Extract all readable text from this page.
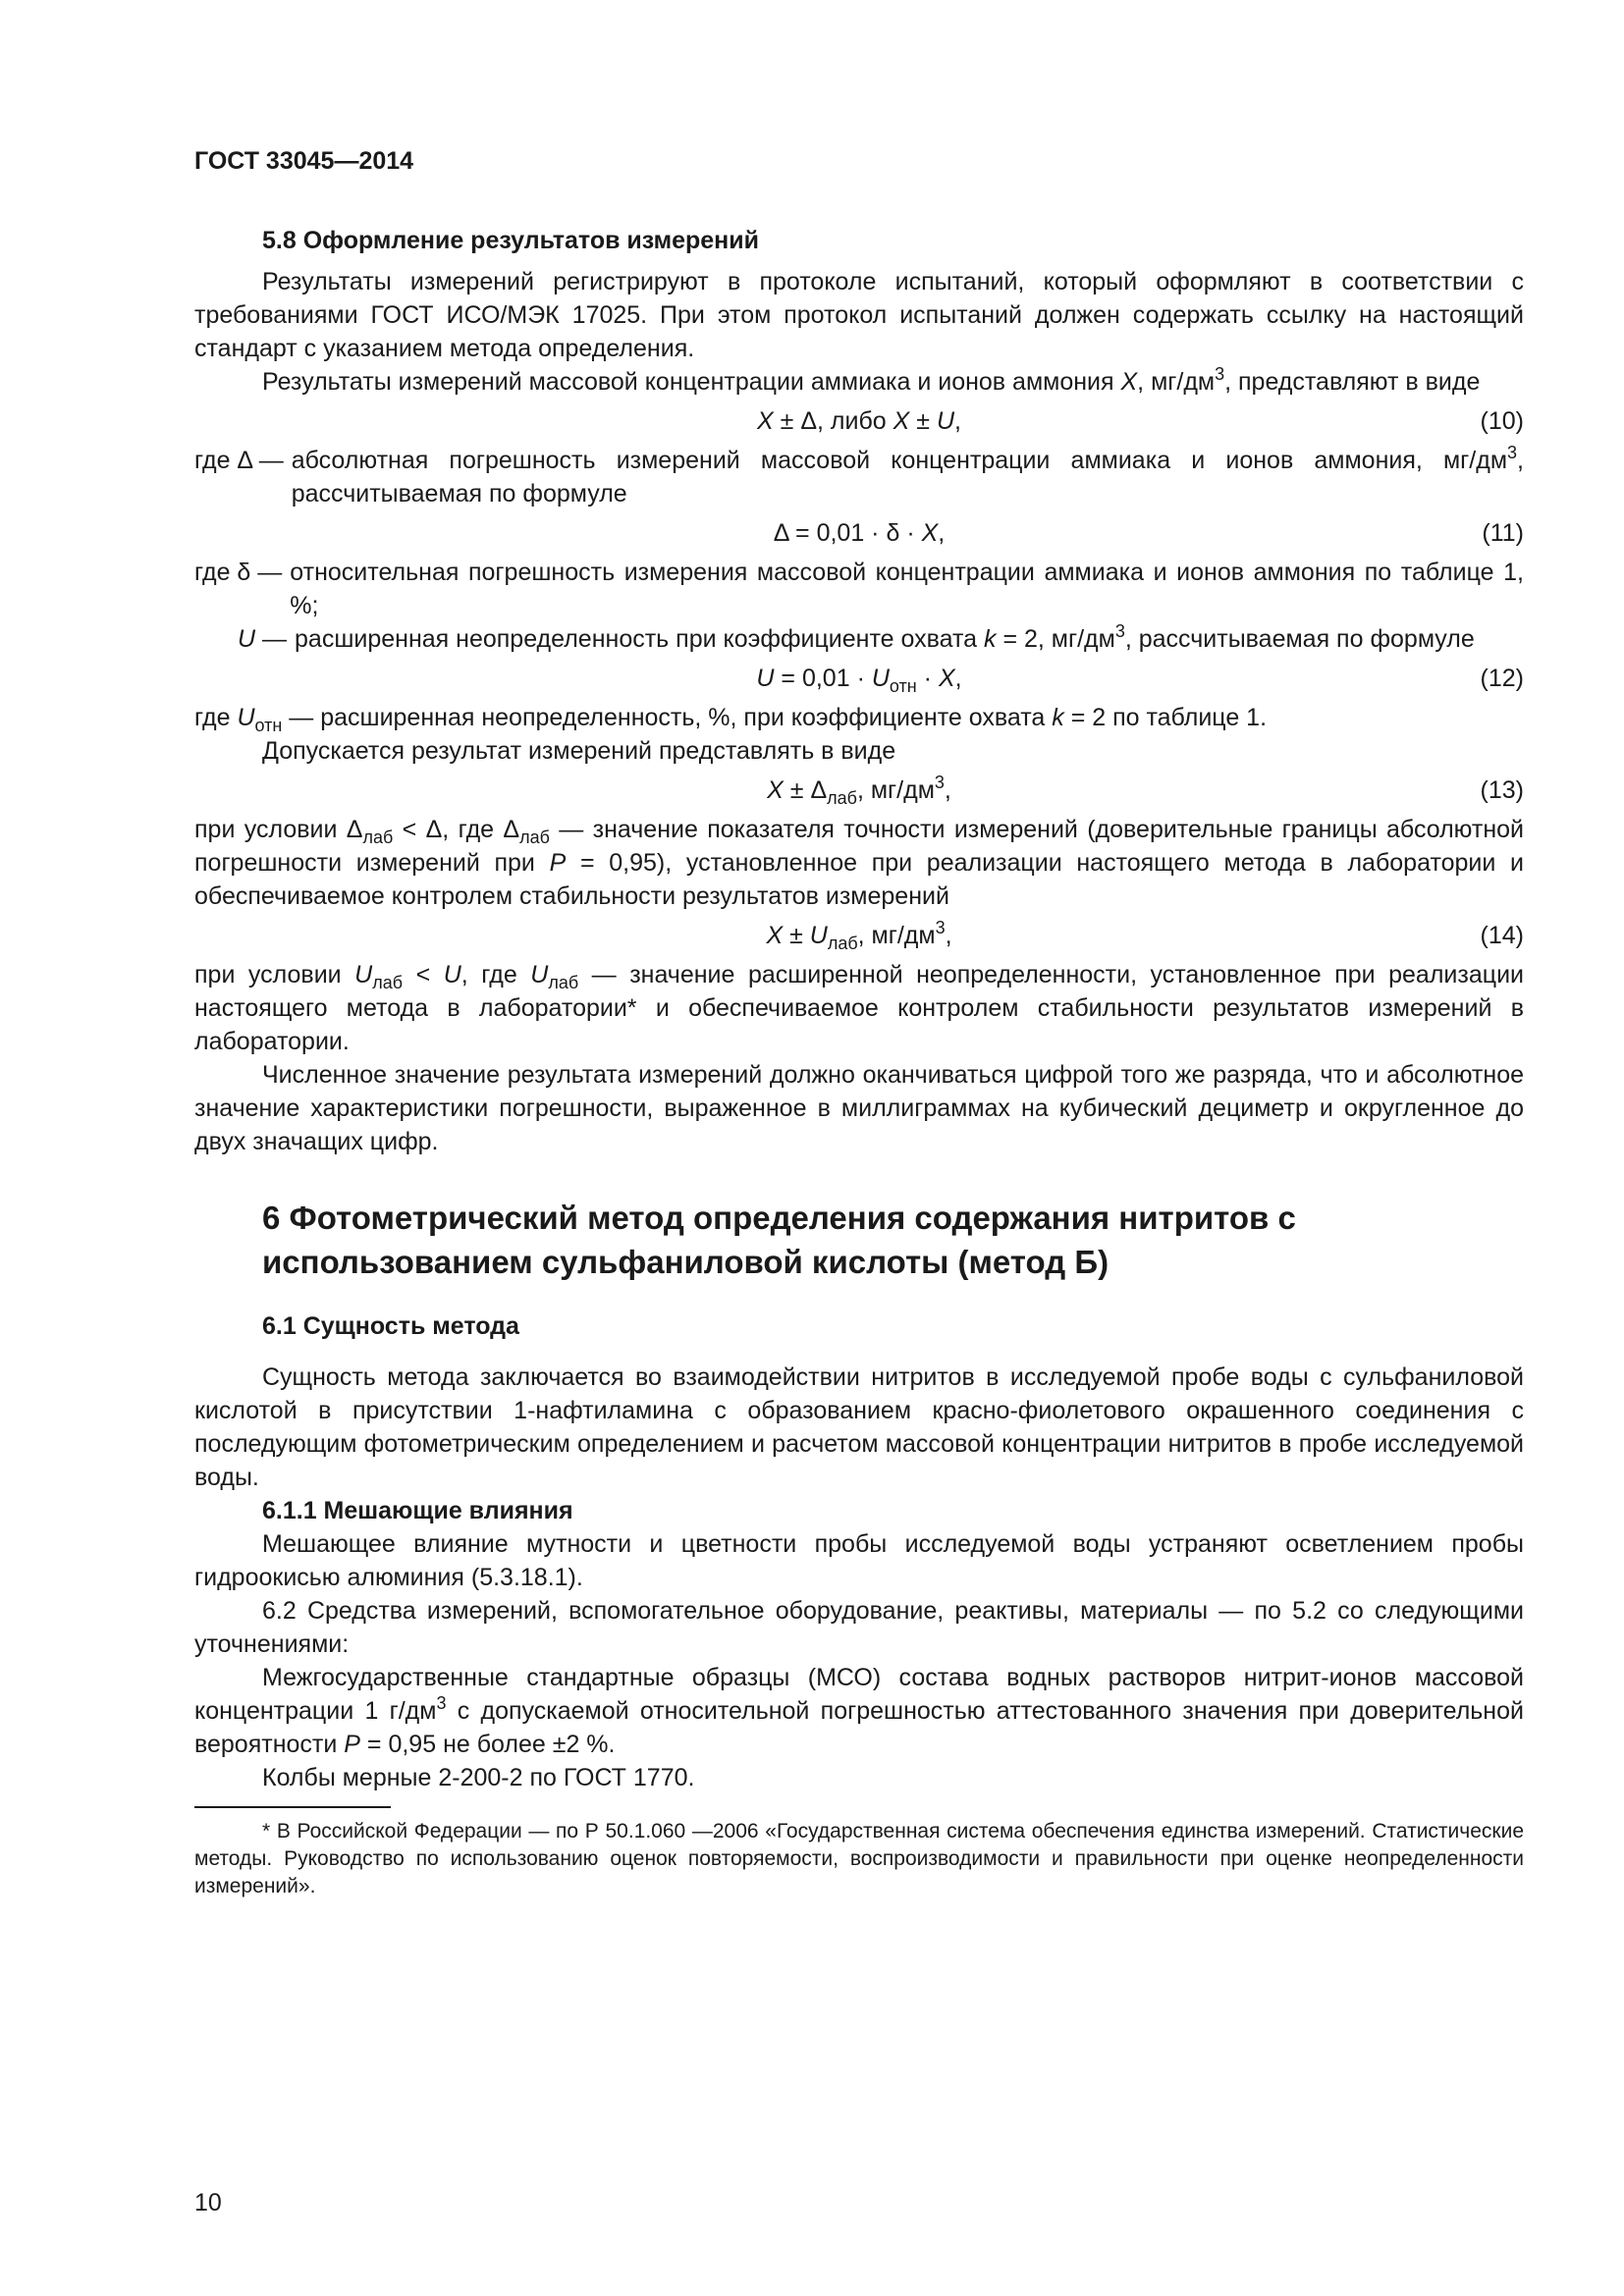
ГОСТ 33045—2014
5.8 Оформление результатов измерений

Результаты измерений регистрируют в протоколе испытаний, который оформляют в соответствии с требованиями ГОСТ ИСО/МЭК 17025. При этом протокол испытаний должен содержать ссылку на настоящий стандарт с указанием метода определения.

Результаты измерений массовой концентрации аммиака и ионов аммония X, $мг/дм^3$, представляют в виде

X ± Δ, либо X ± U,	(10)
где Δ — абсолютная погрешность измерений массовой концентрации аммиака и ионов аммония, $мг/дм^3$, рассчитываемая по формуле
Δ = 0,01 · δ · X,	(11)
где δ — относительная погрешность измерения массовой концентрации аммиака и ионов аммония по таблице 1, %;
U — расширенная неопределенность при коэффициенте охвата k = 2, $мг/дм^3$, рассчитываемая по формуле
$U = 0,01 \cdot U_{отн} \cdot X$,	(12)

где $U_{отн}$ — расширенная неопределенность, %, при коэффициенте охвата k = 2 по таблице 1.

Допускается результат измерений представлять в виде

$X \pm \Delta_{лаб}$, $мг/дм^3$,	(13)

при условии $\Delta_{лаб} < \Delta$, где $\Delta_{лаб}$ — значение показателя точности измерений (доверительные границы абсолютной погрешности измерений при P = 0,95), установленное при реализации настоящего метода в лаборатории и обеспечиваемое контролем стабильности результатов измерений

$X \pm U_{лаб}$, $мг/дм^3$,	(14)

при условии $U_{лаб} < U$, где $U_{лаб}$ — значение расширенной неопределенности, установленное при реализации настоящего метода в лаборатории* и обеспечиваемое контролем стабильности результатов измерений в лаборатории.

Численное значение результата измерений должно оканчиваться цифрой того же разряда, что и абсолютное значение характеристики погрешности, выраженное в миллиграммах на кубический дециметр и округленное до двух значащих цифр.

6 Фотометрический метод определения содержания нитритов с
использованием сульфаниловой кислоты (метод Б)
6.1 Сущность метода

Сущность метода заключается во взаимодействии нитритов в исследуемой пробе воды с сульфаниловой кислотой в присутствии 1-нафтиламина с образованием красно-фиолетового окрашенного соединения с последующим фотометрическим определением и расчетом массовой концентрации нитритов в пробе исследуемой воды.

6.1.1 Мешающие влияния

Мешающее влияние мутности и цветности пробы исследуемой воды устраняют осветлением пробы гидроокисью алюминия (5.3.18.1).

6.2 Средства измерений, вспомогательное оборудование, реактивы, материалы — по 5.2 со следующими уточнениями:

Межгосударственные стандартные образцы (МСО) состава водных растворов нитрит-ионов массовой концентрации 1 $г/дм^3$ с допускаемой относительной погрешностью аттестованного значения при доверительной вероятности P = 0,95 не более ±2 %.

Колбы мерные 2-200-2 по ГОСТ 1770.

* В Российской Федерации — по Р 50.1.060 —2006 «Государственная система обеспечения единства измерений. Статистические методы. Руководство по использованию оценок повторяемости, воспроизводимости и правильности при оценке неопределенности измерений».

10
